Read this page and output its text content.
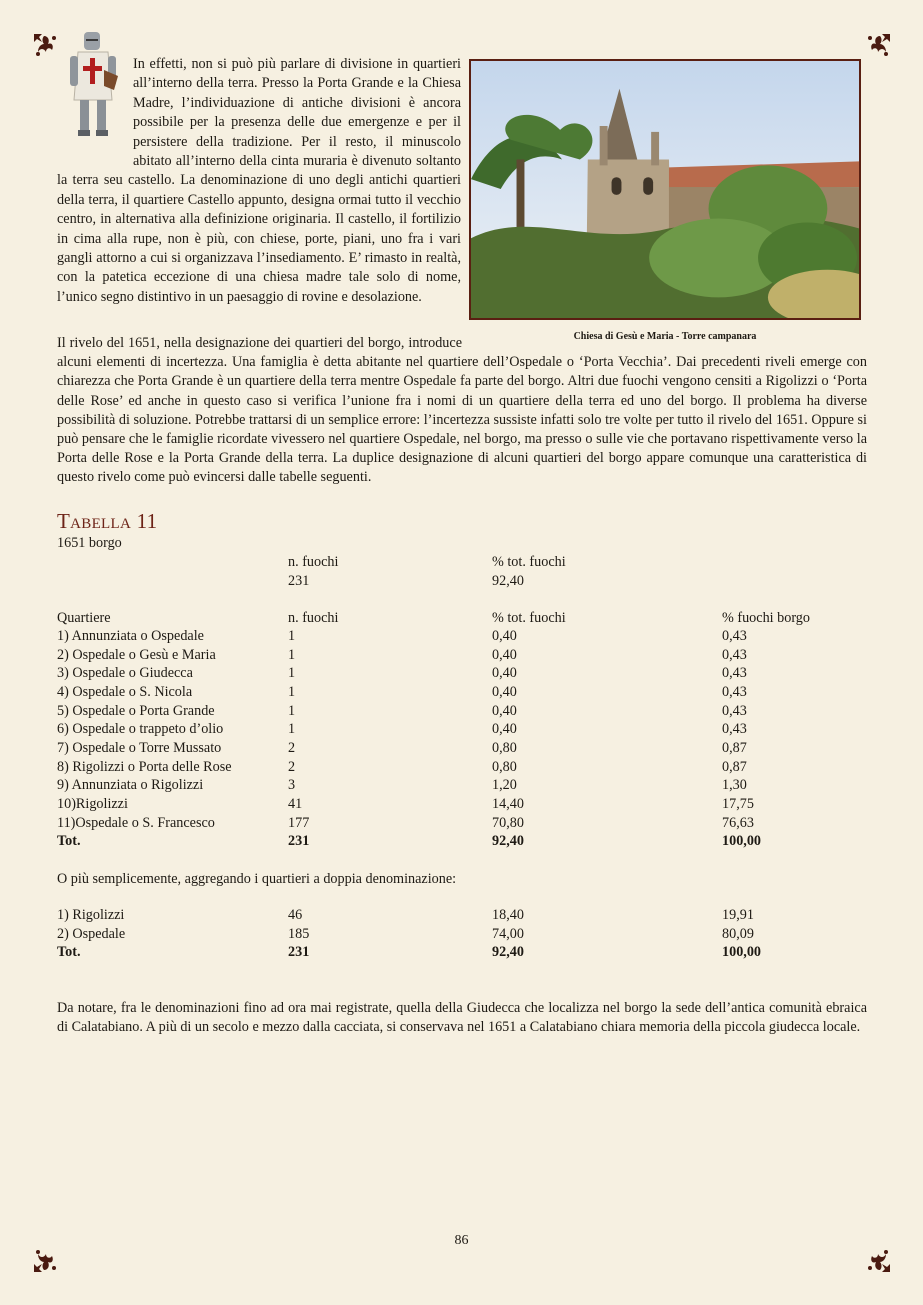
In effetti, non si può più parlare di divisione in quartieri all’interno della terra. Presso la Porta Grande e la Chiesa Madre, l’individuazione di antiche divisioni è ancora possibile per la presenza delle due emergenze e per il persistere della tradizione. Per il resto, il minuscolo abitato all’interno della cinta muraria è divenuto soltanto la terra seu castello. La denominazione di uno degli antichi quartieri della terra, il quartiere Castello appunto, designa ormai tutto il vecchio centro, in alternativa alla definizione originaria. Il castello, il fortilizio in cima alla rupe, non è più, con chiese, porte, piani, uno fra i vari gangli attorno a cui si organizzava l’insediamento. E’ rimasto in realtà, con la patetica eccezione di una chiesa madre tale solo di nome, l’unico segno distintivo in un paesaggio di rovine e desolazione.

Chiesa di Gesù e Maria - Torre campanara

Il rivelo del 1651, nella designazione dei quartieri del borgo, introduce alcuni elementi di incertezza. Una famiglia è detta abitante nel quartiere dell’Ospedale o ‘Porta Vecchia’. Dai precedenti riveli emerge con chiarezza che Porta Grande è un quartiere della terra mentre Ospedale fa parte del borgo. Altri due fuochi vengono censiti a Rigolizzi o ‘Porta delle Rose’ ed anche in questo caso si verifica l’unione fra i nomi di un quartiere della terra ed uno del borgo. Il problema ha diverse possibilità di soluzione. Potrebbe trattarsi di un semplice errore: l’incertezza sussiste infatti solo tre volte per tutto il rivelo del 1651. Oppure si può pensare che le famiglie ricordate vivessero nel quartiere Ospedale, nel borgo, ma presso o sulle vie che portavano rispettivamente verso la Porta delle Rose e la Porta Grande della terra. La duplice designazione di alcuni quartieri del borgo appare comunque una caratteristica di questo rivelo come può evincersi dalle tabelle seguenti.

Tabella 11

1651 borgo

n. fuochi	% tot. fuochi
231	92,40
Quartiere	n. fuochi	% tot. fuochi	% fuochi borgo
1) Annunziata o Ospedale	1	0,40	0,43
2) Ospedale o Gesù e Maria	1	0,40	0,43
3) Ospedale o Giudecca	1	0,40	0,43
4) Ospedale o S. Nicola	1	0,40	0,43
5) Ospedale o Porta Grande	1	0,40	0,43
6) Ospedale o trappeto d’olio	1	0,40	0,43
7) Ospedale o Torre Mussato	2	0,80	0,87
8) Rigolizzi o Porta delle Rose	2	0,80	0,87
9) Annunziata o Rigolizzi	3	1,20	1,30
10)Rigolizzi	41	14,40	17,75
11)Ospedale o S. Francesco	177	70,80	76,63
Tot.	231	92,40	100,00

O più semplicemente, aggregando i quartieri a doppia denominazione:

1) Rigolizzi	46	18,40	19,91
2) Ospedale	185	74,00	80,09
Tot.	231	92,40	100,00

Da notare, fra le denominazioni fino ad ora mai registrate, quella della Giudecca che localizza nel borgo la sede dell’antica comunità ebraica di Calatabiano. A più di un secolo e mezzo dalla cacciata, si conservava nel 1651 a Calatabiano chiara memoria della piccola giudecca locale.

86
